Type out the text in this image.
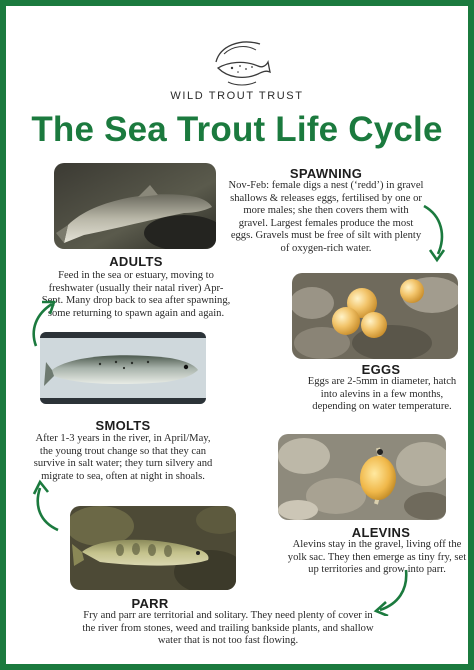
WILD TROUT TRUST
The Sea Trout Life Cycle
ADULTS
Feed in the sea or estuary, moving to freshwater (usually their natal river) Apr-Sept. Many drop back to sea after spawning, some returning to spawn again and again.
SPAWNING
Nov-Feb: female digs a nest (‘redd’) in gravel shallows & releases eggs, fertilised by one or more males; she then covers them with gravel. Largest females produce the most eggs. Gravels must be free of silt with plenty of oxygen-rich water.
EGGS
Eggs are 2-5mm in diameter, hatch into alevins in a few months, depending on water temperature.
SMOLTS
After 1-3 years in the river, in April/May, the young trout change so that they can survive in salt water; they turn silvery and migrate to sea, often at night in shoals.
ALEVINS
Alevins stay in the gravel, living off the yolk sac. They then emerge as tiny fry, set up territories and grow into parr.
PARR
Fry and parr are territorial and solitary. They need plenty of cover in the river from stones, weed and trailing bankside plants, and shallow water that is not too fast flowing.
